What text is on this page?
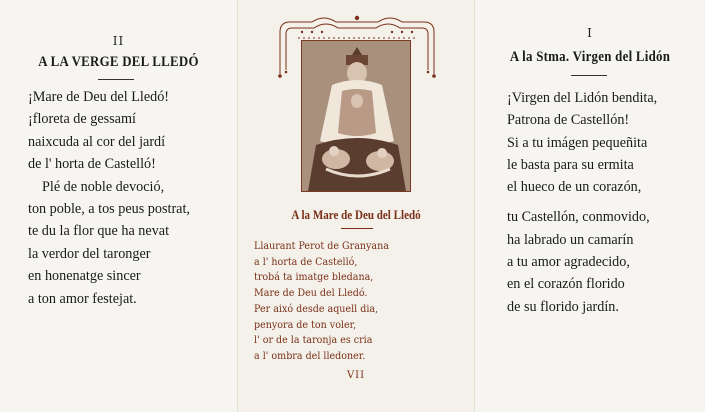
II
A LA VERGE DEL LLEDÓ
¡Mare de Deu del Lledó!
¡floreta de gessamí
naixcuda al cor del jardí
de l' horta de Castelló!
Plé de noble devoció,
ton poble, a tos peus postrat,
te du la flor que ha nevat
la verdor del taronger
en honenatge sincer
a ton amor festejat.
A la Mare de Deu del Lledó
Llaurant Perot de Granyana
a l' horta de Castelló,
trobá ta imatge bledana,
Mare de Deu del Lledó.
Per aixó desde aquell dia,
penyora de ton voler,
l' or de la taronja es cria
a l' ombra del lledoner.
VII
I
A la Stma. Virgen del Lidón
¡Virgen del Lidón bendita,
Patrona de Castellón!
Si a tu imágen pequeñita
le basta para su ermita
el hueco de un corazón,
tu Castellón, conmovido,
ha labrado un camarín
a tu amor agradecido,
en el corazón florido
de su florido jardín.
